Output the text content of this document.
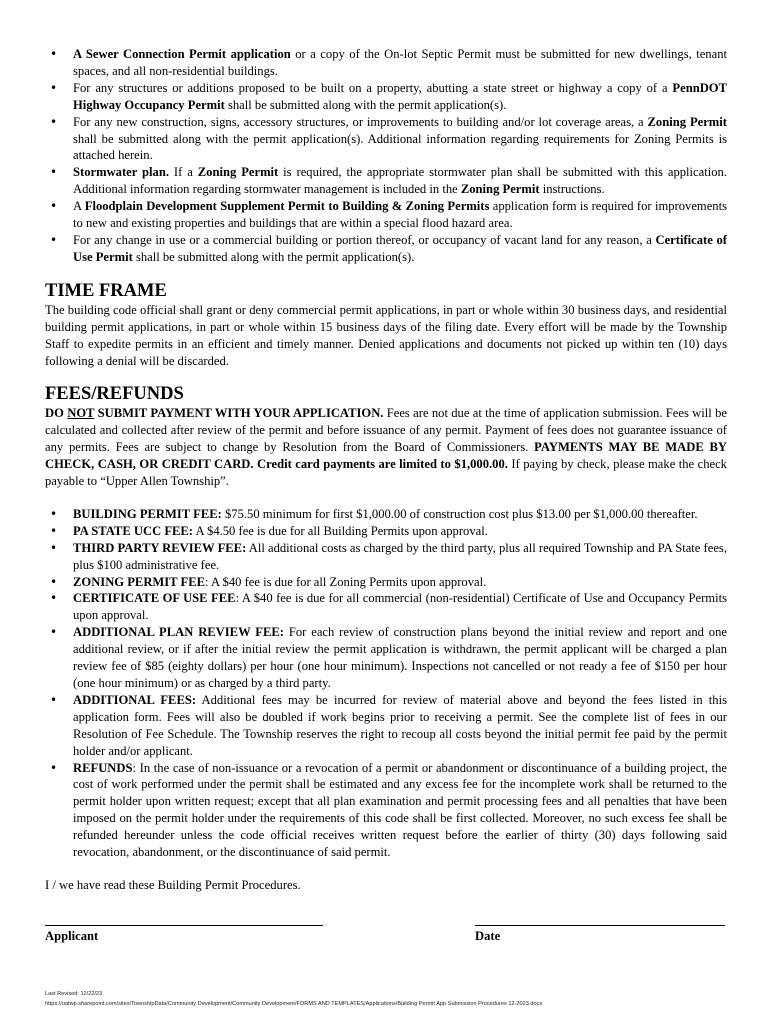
• A Sewer Connection Permit application or a copy of the On-lot Septic Permit must be submitted for new dwellings, tenant spaces, and all non-residential buildings.
• For any structures or additions proposed to be built on a property, abutting a state street or highway a copy of a PennDOT Highway Occupancy Permit shall be submitted along with the permit application(s).
• For any new construction, signs, accessory structures, or improvements to building and/or lot coverage areas, a Zoning Permit shall be submitted along with the permit application(s). Additional information regarding requirements for Zoning Permits is attached herein.
• Stormwater plan. If a Zoning Permit is required, the appropriate stormwater plan shall be submitted with this application. Additional information regarding stormwater management is included in the Zoning Permit instructions.
• A Floodplain Development Supplement Permit to Building & Zoning Permits application form is required for improvements to new and existing properties and buildings that are within a special flood hazard area.
• For any change in use or a commercial building or portion thereof, or occupancy of vacant land for any reason, a Certificate of Use Permit shall be submitted along with the permit application(s).
TIME FRAME

The building code official shall grant or deny commercial permit applications, in part or whole within 30 business days, and residential building permit applications, in part or whole within 15 business days of the filing date. Every effort will be made by the Township Staff to expedite permits in an efficient and timely manner. Denied applications and documents not picked up within ten (10) days following a denial will be discarded.

FEES/REFUNDS

DO NOT SUBMIT PAYMENT WITH YOUR APPLICATION. Fees are not due at the time of application submission. Fees will be calculated and collected after review of the permit and before issuance of any permit. Payment of fees does not guarantee issuance of any permits. Fees are subject to change by Resolution from the Board of Commissioners. PAYMENTS MAY BE MADE BY CHECK, CASH, OR CREDIT CARD. Credit card payments are limited to $1,000.00. If paying by check, please make the check payable to “Upper Allen Township”.

• BUILDING PERMIT FEE: $75.50 minimum for first $1,000.00 of construction cost plus $13.00 per $1,000.00 thereafter.
• PA STATE UCC FEE: A $4.50 fee is due for all Building Permits upon approval.
• THIRD PARTY REVIEW FEE: All additional costs as charged by the third party, plus all required Township and PA State fees, plus $100 administrative fee.
• ZONING PERMIT FEE: A $40 fee is due for all Zoning Permits upon approval.
• CERTIFICATE OF USE FEE: A $40 fee is due for all commercial (non-residential) Certificate of Use and Occupancy Permits upon approval.
• ADDITIONAL PLAN REVIEW FEE: For each review of construction plans beyond the initial review and report and one additional review, or if after the initial review the permit application is withdrawn, the permit applicant will be charged a plan review fee of $85 (eighty dollars) per hour (one hour minimum). Inspections not cancelled or not ready a fee of $150 per hour (one hour minimum) or as charged by a third party.
• ADDITIONAL FEES: Additional fees may be incurred for review of material above and beyond the fees listed in this application form. Fees will also be doubled if work begins prior to receiving a permit. See the complete list of fees in our Resolution of Fee Schedule. The Township reserves the right to recoup all costs beyond the initial permit fee paid by the permit holder and/or applicant.
• REFUNDS: In the case of non-issuance or a revocation of a permit or abandonment or discontinuance of a building project, the cost of work performed under the permit shall be estimated and any excess fee for the incomplete work shall be returned to the permit holder upon written request; except that all plan examination and permit processing fees and all penalties that have been imposed on the permit holder under the requirements of this code shall be first collected. Moreover, no such excess fee shall be refunded hereunder unless the code official receives written request before the earlier of thirty (30) days following said revocation, abandonment, or the discontinuance of said permit.

I / we have read these Building Permit Procedures.

Applicant	Date
Last Revised: 12/22/23
https://uatwp.sharepoint.com/sites/TownshipData/Community Development/Community Development/FORMS AND TEMPLATES/Applications/Building Permit App Submission Procedures 12-2023.docx
